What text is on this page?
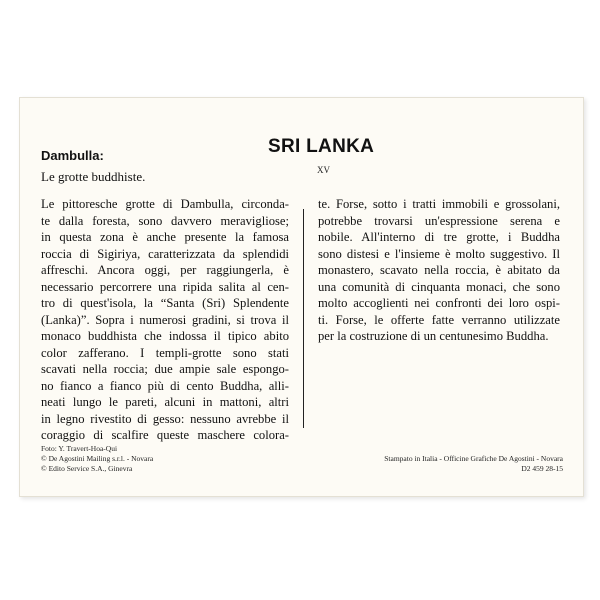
SRI LANKA
XV
Dambulla:
Le grotte buddhiste.
Le pittoresche grotte di Dambulla, circonda-
te dalla foresta, sono davvero meravigliose;
in questa zona è anche presente la famosa
roccia di Sigiriya, caratterizzata da splendidi
affreschi. Ancora oggi, per raggiungerla, è
necessario percorrere una ripida salita al cen-
tro di quest'isola, la “Santa (Sri) Splendente
(Lanka)”. Sopra i numerosi gradini, si trova il
monaco buddhista che indossa il tipico abito
color zafferano. I templi-grotte sono stati
scavati nella roccia; due ampie sale espongo-
no fianco a fianco più di cento Buddha, alli-
neati lungo le pareti, alcuni in mattoni, altri
in legno rivestito di gesso: nessuno avrebbe il
coraggio di scalfire queste maschere colora-
te. Forse, sotto i tratti immobili e grossolani,
potrebbe trovarsi un'espressione serena e
nobile. All'interno di tre grotte, i Buddha
sono distesi e l'insieme è molto suggestivo. Il
monastero, scavato nella roccia, è abitato da
una comunità di cinquanta monaci, che sono
molto accoglienti nei confronti dei loro ospi-
ti. Forse, le offerte fatte verranno utilizzate
per la costruzione di un centunesimo Buddha.
Foto: Y. Travert-Hoa-Qui
© De Agostini Mailing s.r.l. - Novara
© Edito Service S.A., Ginevra
Stampato in Italia - Officine Grafiche De Agostini - Novara
D2 459 28-15
